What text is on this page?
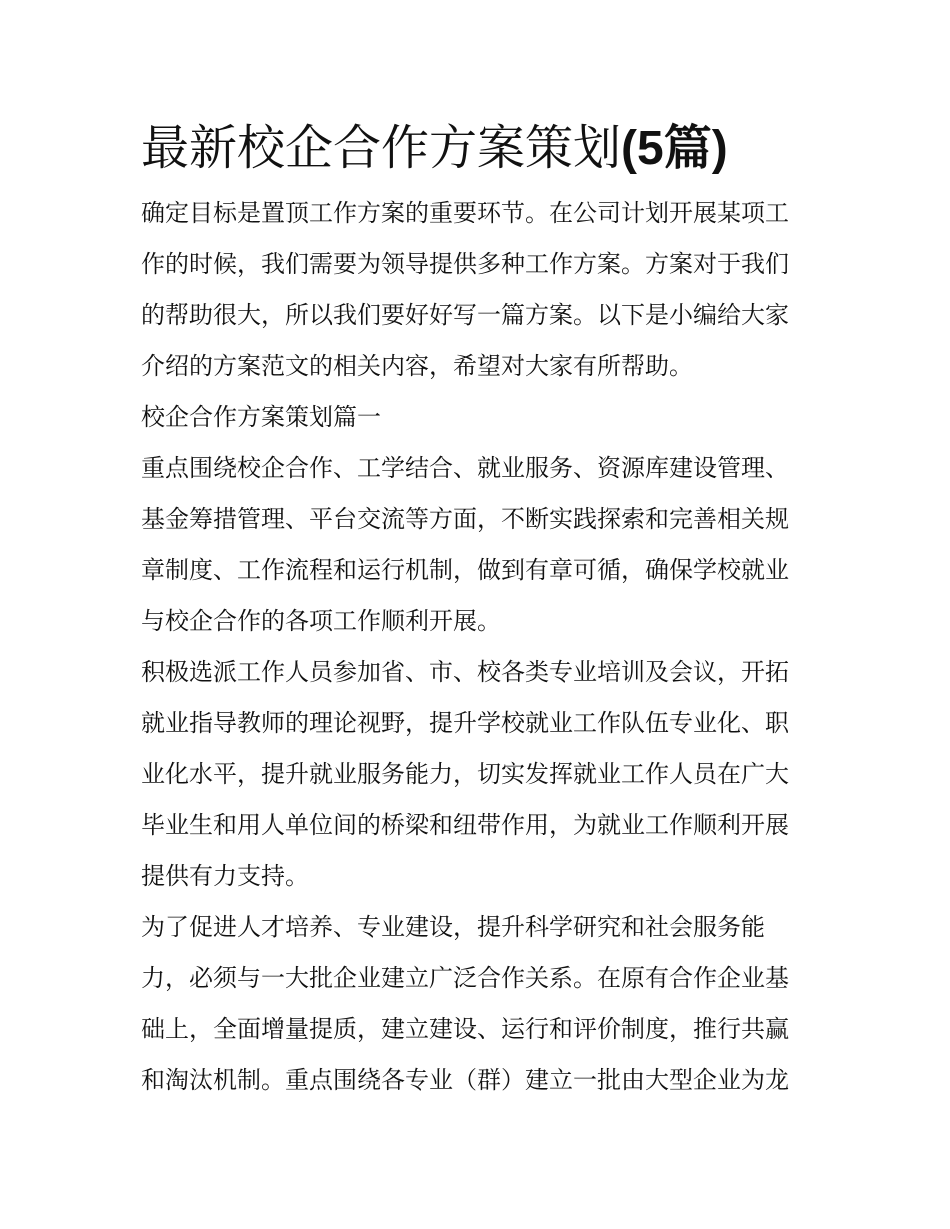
最新校企合作方案策划(5篇)

确定目标是置顶工作方案的重要环节。在公司计划开展某项工
作的时候，我们需要为领导提供多种工作方案。方案对于我们
的帮助很大，所以我们要好好写一篇方案。以下是小编给大家
介绍的方案范文的相关内容，希望对大家有所帮助。

校企合作方案策划篇一

重点围绕校企合作、工学结合、就业服务、资源库建设管理、
基金筹措管理、平台交流等方面，不断实践探索和完善相关规
章制度、工作流程和运行机制，做到有章可循，确保学校就业
与校企合作的各项工作顺利开展。

积极选派工作人员参加省、市、校各类专业培训及会议，开拓
就业指导教师的理论视野，提升学校就业工作队伍专业化、职
业化水平，提升就业服务能力，切实发挥就业工作人员在广大
毕业生和用人单位间的桥梁和纽带作用，为就业工作顺利开展
提供有力支持。

为了促进人才培养、专业建设，提升科学研究和社会服务能
力，必须与一大批企业建立广泛合作关系。在原有合作企业基
础上，全面增量提质，建立建设、运行和评价制度，推行共赢
和淘汰机制。重点围绕各专业（群）建立一批由大型企业为龙
